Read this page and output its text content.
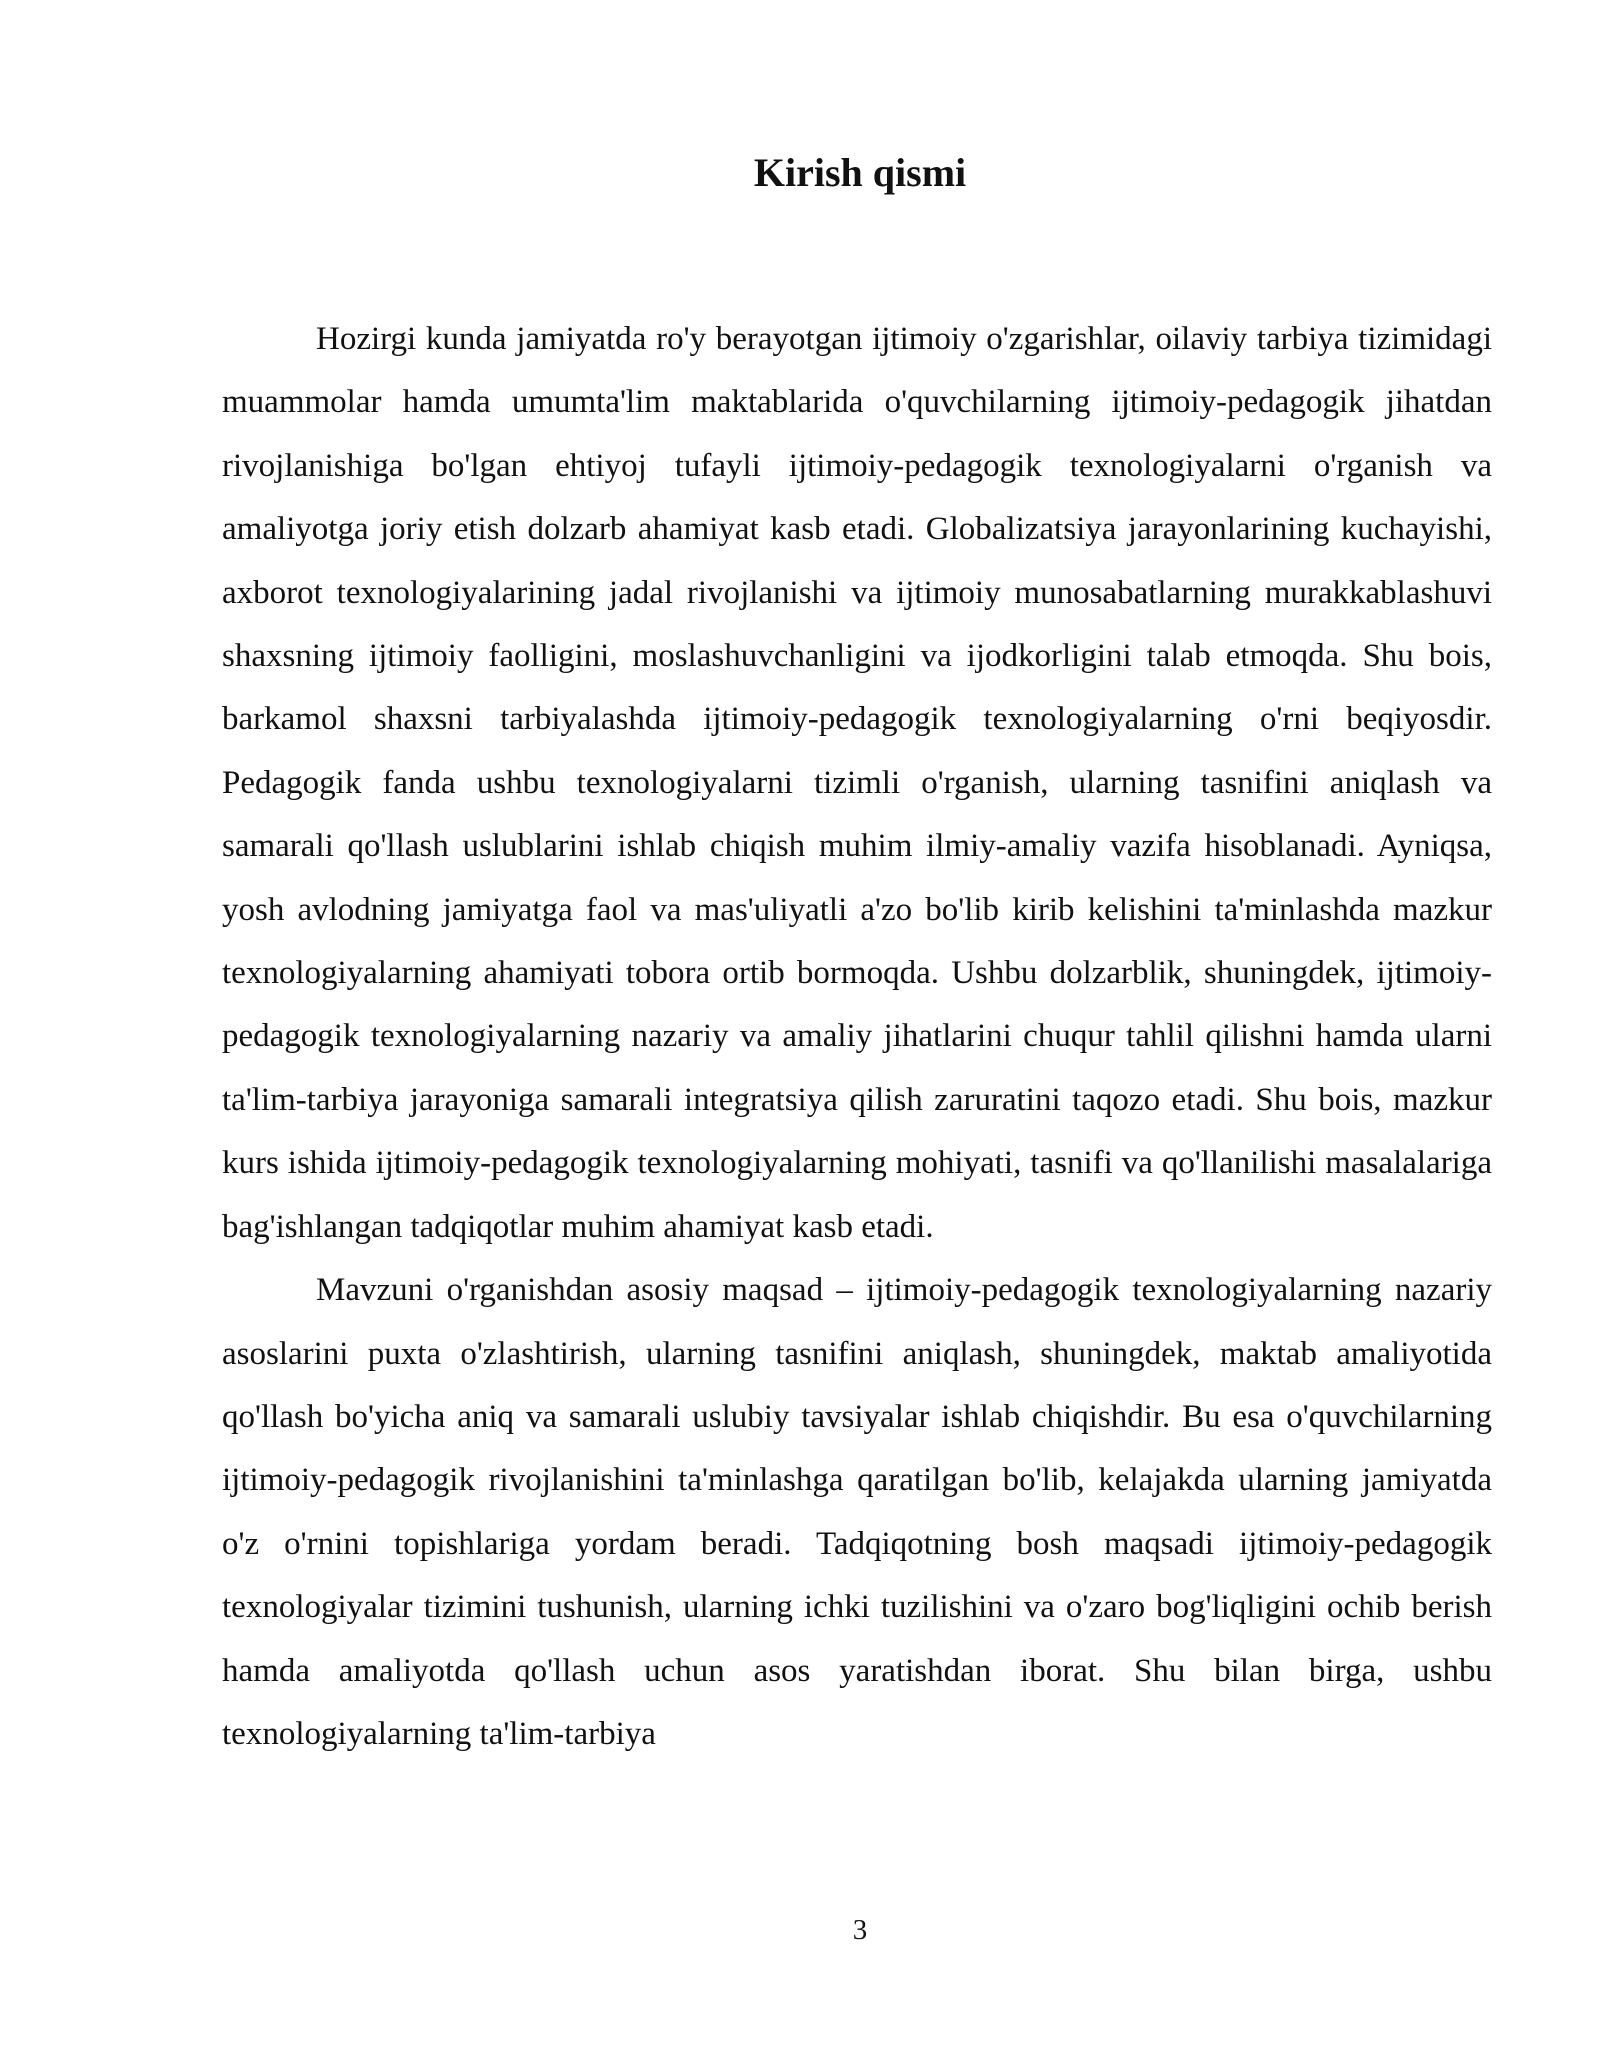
Kirish qismi

Hozirgi kunda jamiyatda ro'y berayotgan ijtimoiy o'zgarishlar, oilaviy tarbiya tizimidagi muammolar hamda umumta'lim maktablarida o'quvchilarning ijtimoiy-pedagogik jihatdan rivojlanishiga bo'lgan ehtiyoj tufayli ijtimoiy-pedagogik texnologiyalarni o'rganish va amaliyotga joriy etish dolzarb ahamiyat kasb etadi. Globalizatsiya jarayonlarining kuchayishi, axborot texnologiyalarining jadal rivojlanishi va ijtimoiy munosabatlarning murakkablashuvi shaxsning ijtimoiy faolligini, moslashuvchanligini va ijodkorligini talab etmoqda. Shu bois, barkamol shaxsni tarbiyalashda ijtimoiy-pedagogik texnologiyalarning o'rni beqiyosdir. Pedagogik fanda ushbu texnologiyalarni tizimli o'rganish, ularning tasnifini aniqlash va samarali qo'llash uslublarini ishlab chiqish muhim ilmiy-amaliy vazifa hisoblanadi. Ayniqsa, yosh avlodning jamiyatga faol va mas'uliyatli a'zo bo'lib kirib kelishini ta'minlashda mazkur texnologiyalarning ahamiyati tobora ortib bormoqda. Ushbu dolzarblik, shuningdek, ijtimoiy-pedagogik texnologiyalarning nazariy va amaliy jihatlarini chuqur tahlil qilishni hamda ularni ta'lim-tarbiya jarayoniga samarali integratsiya qilish zaruratini taqozo etadi. Shu bois, mazkur kurs ishida ijtimoiy-pedagogik texnologiyalarning mohiyati, tasnifi va qo'llanilishi masalalariga bag'ishlangan tadqiqotlar muhim ahamiyat kasb etadi.

Mavzuni o'rganishdan asosiy maqsad – ijtimoiy-pedagogik texnologiyalarning nazariy asoslarini puxta o'zlashtirish, ularning tasnifini aniqlash, shuningdek, maktab amaliyotida qo'llash bo'yicha aniq va samarali uslubiy tavsiyalar ishlab chiqishdir. Bu esa o'quvchilarning ijtimoiy-pedagogik rivojlanishini ta'minlashga qaratilgan bo'lib, kelajakda ularning jamiyatda o'z o'rnini topishlariga yordam beradi. Tadqiqotning bosh maqsadi ijtimoiy-pedagogik texnologiyalar tizimini tushunish, ularning ichki tuzilishini va o'zaro bog'liqligini ochib berish hamda amaliyotda qo'llash uchun asos yaratishdan iborat. Shu bilan birga, ushbu texnologiyalarning ta'lim-tarbiya

3
